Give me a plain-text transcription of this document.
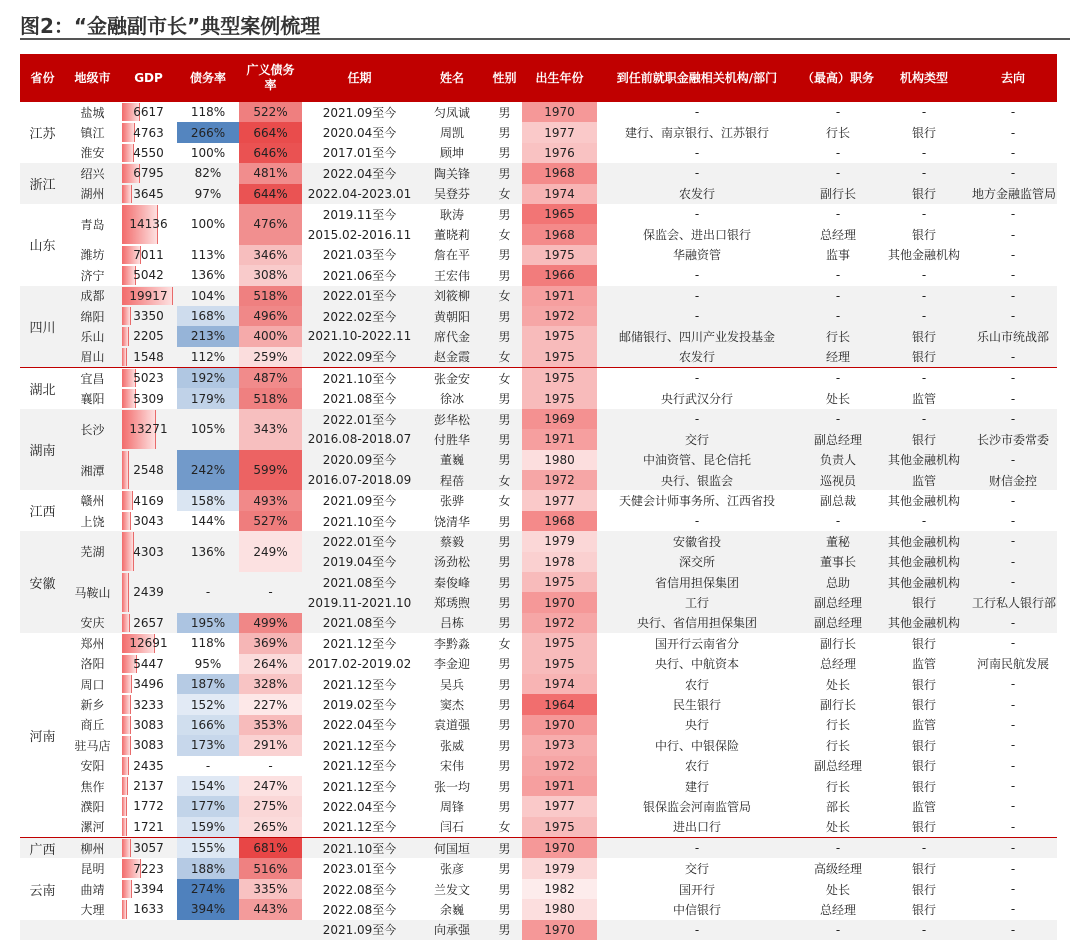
图2：“金融副市长”典型案例梳理
省份	地级市	GDP	债务率	广义债务率	任期	姓名	性别	出生年份	到任前就职金融相关机构/部门	（最高）职务	机构类型	去向
江苏	盐城	6617	118%	522%	2021.09至今	匀凤诚	男	1970	-	-	-	-
	镇江	4763	266%	664%	2020.04至今	周凯	男	1977	建行、南京银行、江苏银行	行长	银行	-
	淮安	4550	100%	646%	2017.01至今	顾坤	男	1976	-	-	-	-
浙江	绍兴	6795	82%	481%	2022.04至今	陶关锋	男	1968	-	-	-	-
	湖州	3645	97%	644%	2022.04-2023.01	吴登芬	女	1974	农发行	副行长	银行	地方金融监管局
山东	青岛	14136	100%	476%	2019.11至今	耿涛	男	1965	-	-	-	-
					2015.02-2016.11	董晓莉	女	1968	保监会、进出口银行	总经理	银行	-
	潍坊	7011	113%	346%	2021.03至今	詹在平	男	1975	华融资管	监事	其他金融机构	-
	济宁	5042	136%	308%	2021.06至今	王宏伟	男	1966	-	-	-	-
四川	成都	19917	104%	518%	2022.01至今	刘筱柳	女	1971	-	-	-	-
	绵阳	3350	168%	496%	2022.02至今	黄朝阳	男	1972	-	-	-	-
	乐山	2205	213%	400%	2021.10-2022.11	席代金	男	1975	邮储银行、四川产业发投基金	行长	银行	乐山市统战部
	眉山	1548	112%	259%	2022.09至今	赵金霞	女	1975	农发行	经理	银行	-
湖北	宜昌	5023	192%	487%	2021.10至今	张金安	女	1975	-	-	-	-
	襄阳	5309	179%	518%	2021.08至今	徐冰	男	1975	央行武汉分行	处长	监管	-
湖南	长沙	13271	105%	343%	2022.01至今	彭华松	男	1969	-	-	-	-
					2016.08-2018.07	付胜华	男	1971	交行	副总经理	银行	长沙市委常委
	湘潭	2548	242%	599%	2020.09至今	董巍	男	1980	中油资管、昆仑信托	负责人	其他金融机构	-
					2016.07-2018.09	程蓓	女	1972	央行、银监会	巡视员	监管	财信金控
江西	赣州	4169	158%	493%	2021.09至今	张骅	女	1977	天健会计师事务所、江西省投	副总裁	其他金融机构	-
	上饶	3043	144%	527%	2021.10至今	饶清华	男	1968	-	-	-	-
安徽	芜湖	4303	136%	249%	2022.01至今	蔡毅	男	1979	安徽省投	董秘	其他金融机构	-
					2019.04至今	汤劲松	男	1978	深交所	董事长	其他金融机构	-
	马鞍山	2439	-	-	2021.08至今	秦俊峰	男	1975	省信用担保集团	总助	其他金融机构	-
					2019.11-2021.10	郑琇煦	男	1970	工行	副总经理	银行	工行私人银行部
	安庆	2657	195%	499%	2021.08至今	吕栋	男	1972	央行、省信用担保集团	副总经理	其他金融机构	-
河南	郑州	12691	118%	369%	2021.12至今	李黔淼	女	1975	国开行云南省分	副行长	银行	-
	洛阳	5447	95%	264%	2017.02-2019.02	李金迎	男	1975	央行、中航资本	总经理	监管	河南民航发展
	周口	3496	187%	328%	2021.12至今	吴兵	男	1974	农行	处长	银行	-
	新乡	3233	152%	227%	2019.02至今	窦杰	男	1964	民生银行	副行长	银行	-
	商丘	3083	166%	353%	2022.04至今	袁道强	男	1970	央行	行长	监管	-
	驻马店	3083	173%	291%	2021.12至今	张威	男	1973	中行、中银保险	行长	银行	-
	安阳	2435	-	-	2021.12至今	宋伟	男	1972	农行	副总经理	银行	-
	焦作	2137	154%	247%	2021.12至今	张一均	男	1971	建行	行长	银行	-
	濮阳	1772	177%	275%	2022.04至今	周锋	男	1977	银保监会河南监管局	部长	监管	-
	漯河	1721	159%	265%	2021.12至今	闫石	女	1975	进出口行	处长	银行	-
广西	柳州	3057	155%	681%	2021.10至今	何国垣	男	1970	-	-	-	-
云南	昆明	7223	188%	516%	2023.01至今	张彦	男	1979	交行	高级经理	银行	-
	曲靖	3394	274%	335%	2022.08至今	兰发文	男	1982	国开行	处长	银行	-
	大理	1633	394%	443%	2022.08至今	余巍	男	1980	中信银行	总经理	银行	-
					2021.09至今	向承强	男	1970	-	-	-	-
